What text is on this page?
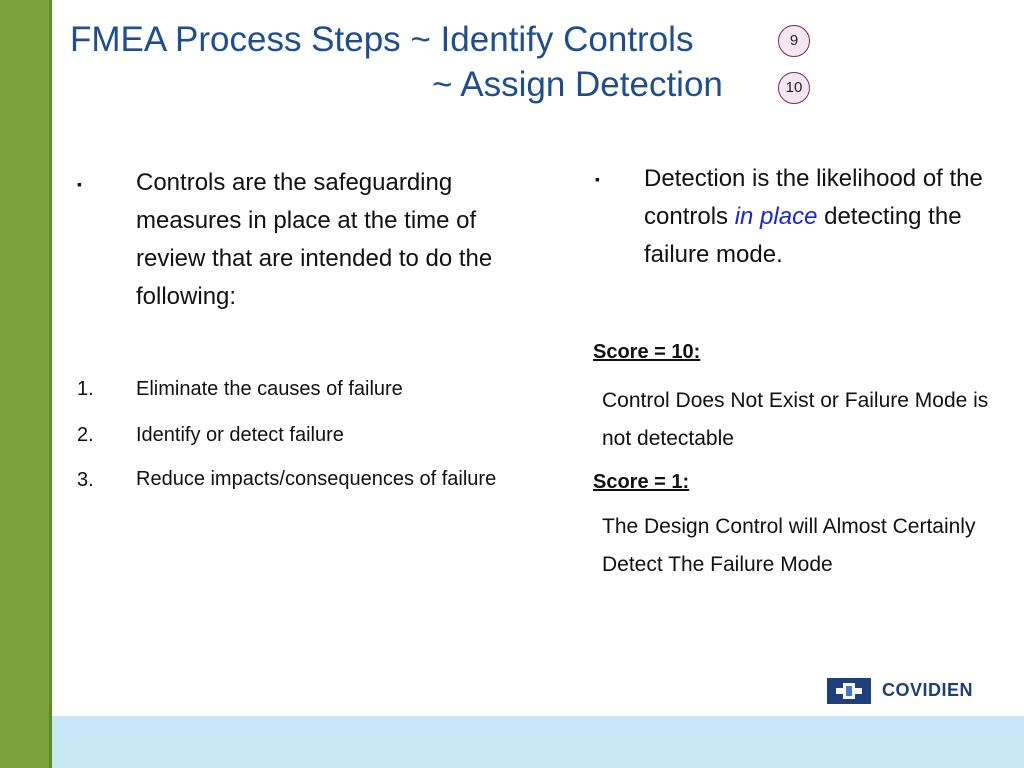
FMEA Process Steps ~ Identify Controls
~ Assign Detection
9
10
▪ Controls are the safeguarding measures in place at the time of review that are intended to do the following:
1. Eliminate the causes of failure
2. Identify or detect failure
3. Reduce impacts/consequences of failure
▪ Detection is the likelihood of the controls in place detecting the failure mode.
Score = 10:
Control Does Not Exist or Failure Mode is not detectable
Score = 1:
The Design Control will Almost Certainly Detect The Failure Mode
COVIDIEN
